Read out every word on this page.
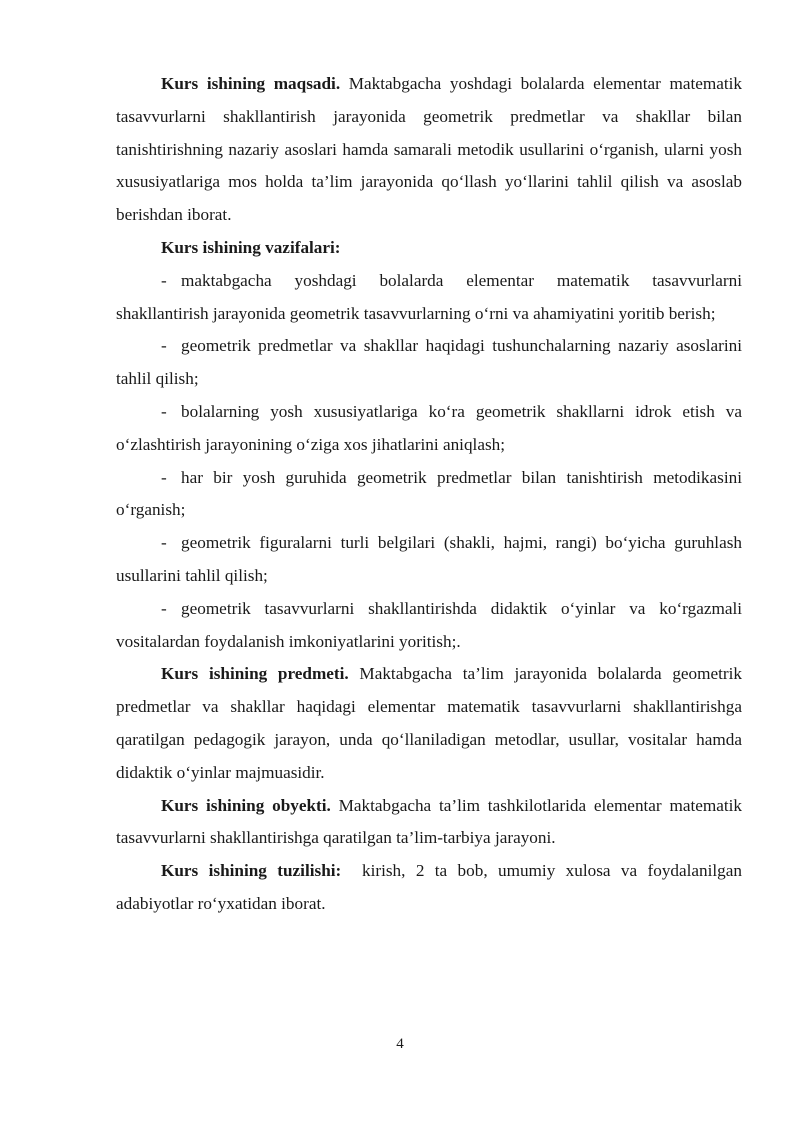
Kurs ishining maqsadi. Maktabgacha yoshdagi bolalarda elementar matematik tasavvurlarni shakllantirish jarayonida geometrik predmetlar va shakllar bilan tanishtirishning nazariy asoslari hamda samarali metodik usullarini o‘rganish, ularni yosh xususiyatlariga mos holda ta’lim jarayonida qo‘llash yo‘llarini tahlil qilish va asoslab berishdan iborat.

Kurs ishining vazifalari:

- maktabgacha yoshdagi bolalarda elementar matematik tasavvurlarni shakllantirish jarayonida geometrik tasavvurlarning o‘rni va ahamiyatini yoritib berish;

- geometrik predmetlar va shakllar haqidagi tushunchalarning nazariy asoslarini tahlil qilish;

- bolalarning yosh xususiyatlariga ko‘ra geometrik shakllarni idrok etish va o‘zlashtirish jarayonining o‘ziga xos jihatlarini aniqlash;

- har bir yosh guruhida geometrik predmetlar bilan tanishtirish metodikasini o‘rganish;

- geometrik figuralarni turli belgilari (shakli, hajmi, rangi) bo‘yicha guruhlash usullarini tahlil qilish;

- geometrik tasavvurlarni shakllantirishda didaktik o‘yinlar va ko‘rgazmali vositalardan foydalanish imkoniyatlarini yoritish;.

Kurs ishining predmeti. Maktabgacha ta’lim jarayonida bolalarda geometrik predmetlar va shakllar haqidagi elementar matematik tasavvurlarni shakllantirishga qaratilgan pedagogik jarayon, unda qo‘llaniladigan metodlar, usullar, vositalar hamda didaktik o‘yinlar majmuasidir.

Kurs ishining obyekti. Maktabgacha ta’lim tashkilotlarida elementar matematik tasavvurlarni shakllantirishga qaratilgan ta’lim-tarbiya jarayoni.

Kurs ishining tuzilishi:  kirish, 2 ta bob, umumiy xulosa va foydalanilgan adabiyotlar ro‘yxatidan iborat.

4
